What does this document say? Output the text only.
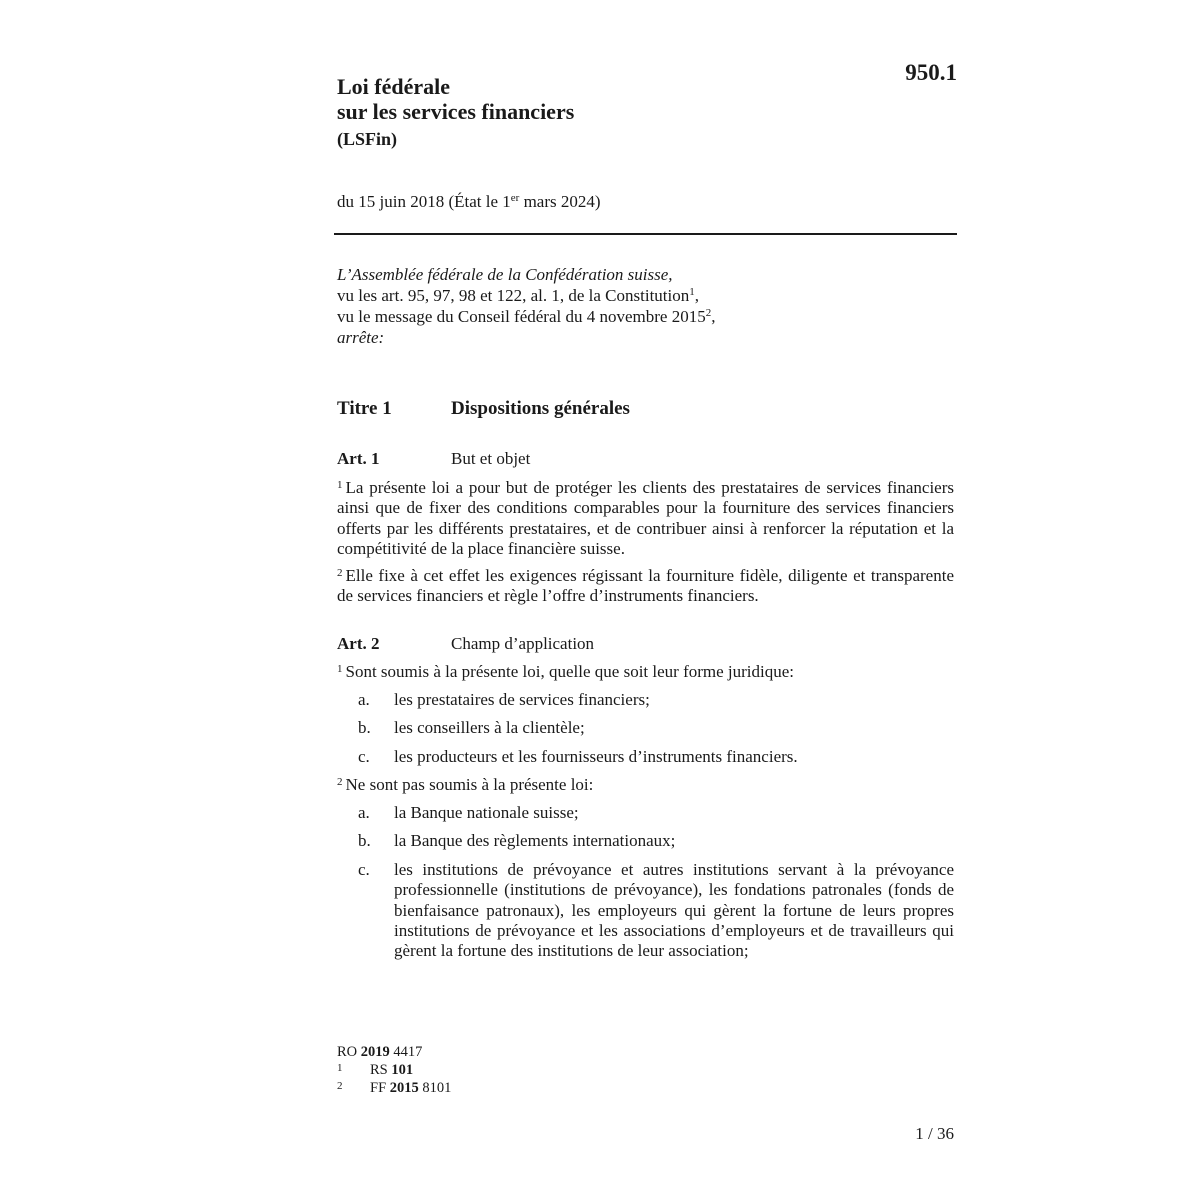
950.1
Loi fédérale
sur les services financiers
(LSFin)
du 15 juin 2018 (État le 1er mars 2024)
L’Assemblée fédérale de la Confédération suisse,
vu les art. 95, 97, 98 et 122, al. 1, de la Constitution$^1$,
vu le message du Conseil fédéral du 4 novembre 2015$^2$,
arrête:
Titre 1	Dispositions générales
Art. 1	But et objet
$^1$ La présente loi a pour but de protéger les clients des prestataires de services financiers ainsi que de fixer des conditions comparables pour la fourniture des services financiers offerts par les différents prestataires, et de contribuer ainsi à renforcer la réputation et la compétitivité de la place financière suisse.
$^2$ Elle fixe à cet effet les exigences régissant la fourniture fidèle, diligente et transparente de services financiers et règle l’offre d’instruments financiers.
Art. 2	Champ d’application
$^1$ Sont soumis à la présente loi, quelle que soit leur forme juridique:
a.	les prestataires de services financiers;
b.	les conseillers à la clientèle;
c.	les producteurs et les fournisseurs d’instruments financiers.
$^2$ Ne sont pas soumis à la présente loi:
a.	la Banque nationale suisse;
b.	la Banque des règlements internationaux;
c.	les institutions de prévoyance et autres institutions servant à la prévoyance professionnelle (institutions de prévoyance), les fondations patronales (fonds de bienfaisance patronaux), les employeurs qui gèrent la fortune de leurs propres institutions de prévoyance et les associations d’employeurs et de travailleurs qui gèrent la fortune des institutions de leur association;
RO 2019 4417
1	RS 101
2	FF 2015 8101
1 / 36
